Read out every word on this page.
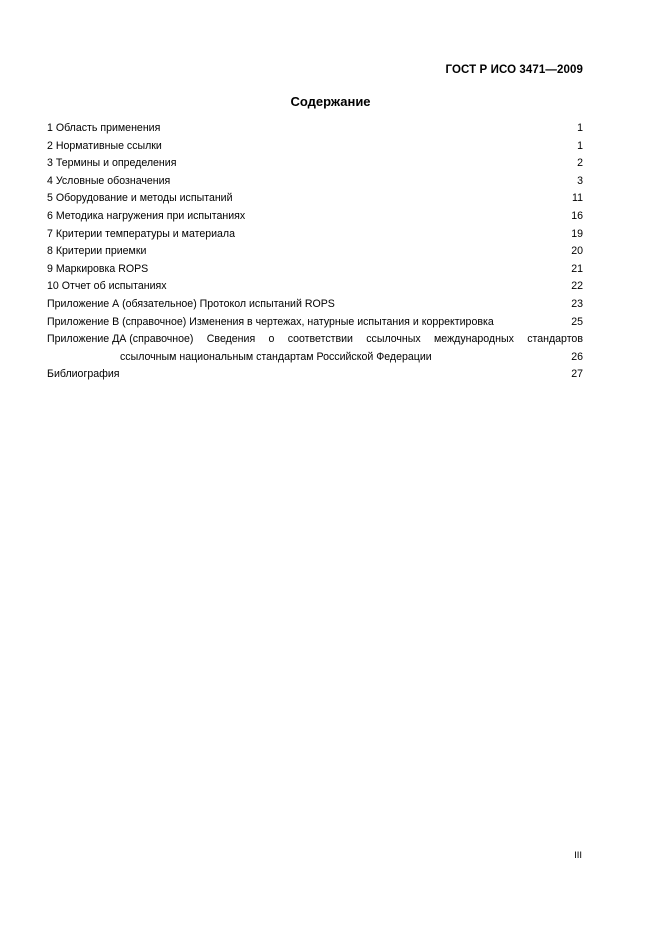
ГОСТ Р ИСО 3471—2009
Содержание
1 Область применения	1
2 Нормативные ссылки	1
3 Термины и определения	2
4 Условные обозначения	3
5 Оборудование и методы испытаний	11
6 Методика нагружения при испытаниях	16
7 Критерии температуры и материала	19
8 Критерии приемки	20
9 Маркировка ROPS	21
10 Отчет об испытаниях	22
Приложение А (обязательное) Протокол испытаний ROPS	23
Приложение В (справочное) Изменения в чертежах, натурные испытания и корректировка	25
Приложение ДА (справочное) Сведения о соответствии ссылочных международных стандартов
ссылочным национальным стандартам Российской Федерации	26
Библиография	27
III
